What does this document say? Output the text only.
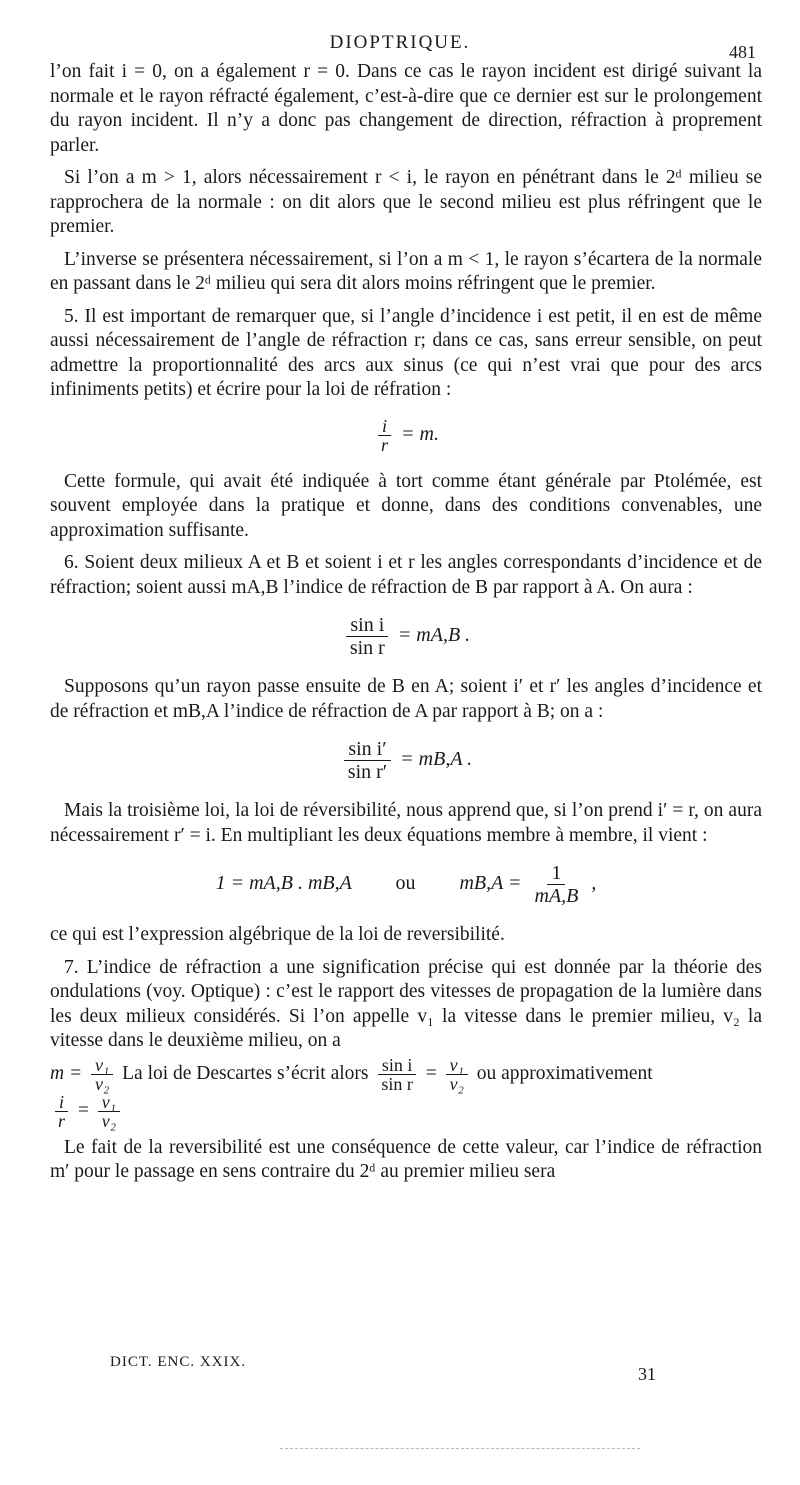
DIOPTRIQUE.	481

l’on fait i = 0, on a également r = 0. Dans ce cas le rayon incident est dirigé suivant la normale et le rayon réfracté également, c’est-à-dire que ce dernier est sur le prolongement du rayon incident. Il n’y a donc pas changement de direction, réfraction à proprement parler.

Si l’on a m > 1, alors nécessairement r < i, le rayon en pénétrant dans le 2ᵈ milieu se rapprochera de la normale : on dit alors que le second milieu est plus réfringent que le premier.

L’inverse se présentera nécessairement, si l’on a m < 1, le rayon s’écartera de la normale en passant dans le 2ᵈ milieu qui sera dit alors moins réfringent que le premier.

5. Il est important de remarquer que, si l’angle d’incidence i est petit, il en est de même aussi nécessairement de l’angle de réfraction r; dans ce cas, sans erreur sensible, on peut admettre la proportionnalité des arcs aux sinus (ce qui n’est vrai que pour des arcs infiniments petits) et écrire pour la loi de réfration :

$\frac{i}{r} = m$.

Cette formule, qui avait été indiquée à tort comme étant générale par Ptolémée, est souvent employée dans la pratique et donne, dans des conditions convenables, une approximation suffisante.

6. Soient deux milieux A et B et soient i et r les angles correspondants d’incidence et de réfraction; soient aussi mA,B l’indice de réfraction de B par rapport à A. On aura :

$\frac{\text{sin i}}{\text{sin r}} = mA,B$ .

Supposons qu’un rayon passe ensuite de B en A; soient i′ et r′ les angles d’incidence et de réfraction et mB,A l’indice de réfraction de A par rapport à B; on a :

$\frac{\text{sin i′}}{\text{sin r′}} = mB,A$ .

Mais la troisième loi, la loi de réversibilité, nous apprend que, si l’on prend i′ = r, on aura nécessairement r′ = i. En multipliant les deux équations membre à membre, il vient :

1 = mA,B . mB,A ou $mB,A = \frac{1}{mA,B}$ ,

ce qui est l’expression algébrique de la loi de reversibilité.

7. L’indice de réfraction a une signification précise qui est donnée par la théorie des ondulations (voy. Optique) : c’est le rapport des vitesses de propagation de la lumière dans les deux milieux considérés. Si l’on appelle v₁ la vitesse dans le premier milieu, v₂ la vitesse dans le deuxième milieu, on a

$m = \frac{\text{v₁}}{\text{v₂}}$ La loi de Descartes s’écrit alors $\frac{\text{sin i}}{\text{sin r}} = \frac{\text{v₁}}{\text{v₂}}$ ou approximativement

$\frac{i}{r} = \frac{\text{v₁}}{\text{v₂}}$

Le fait de la reversibilité est une conséquence de cette valeur, car l’indice de réfraction m′ pour le passage en sens contraire du 2ᵈ au premier milieu sera

DICT. ENC. XXIX.
31
